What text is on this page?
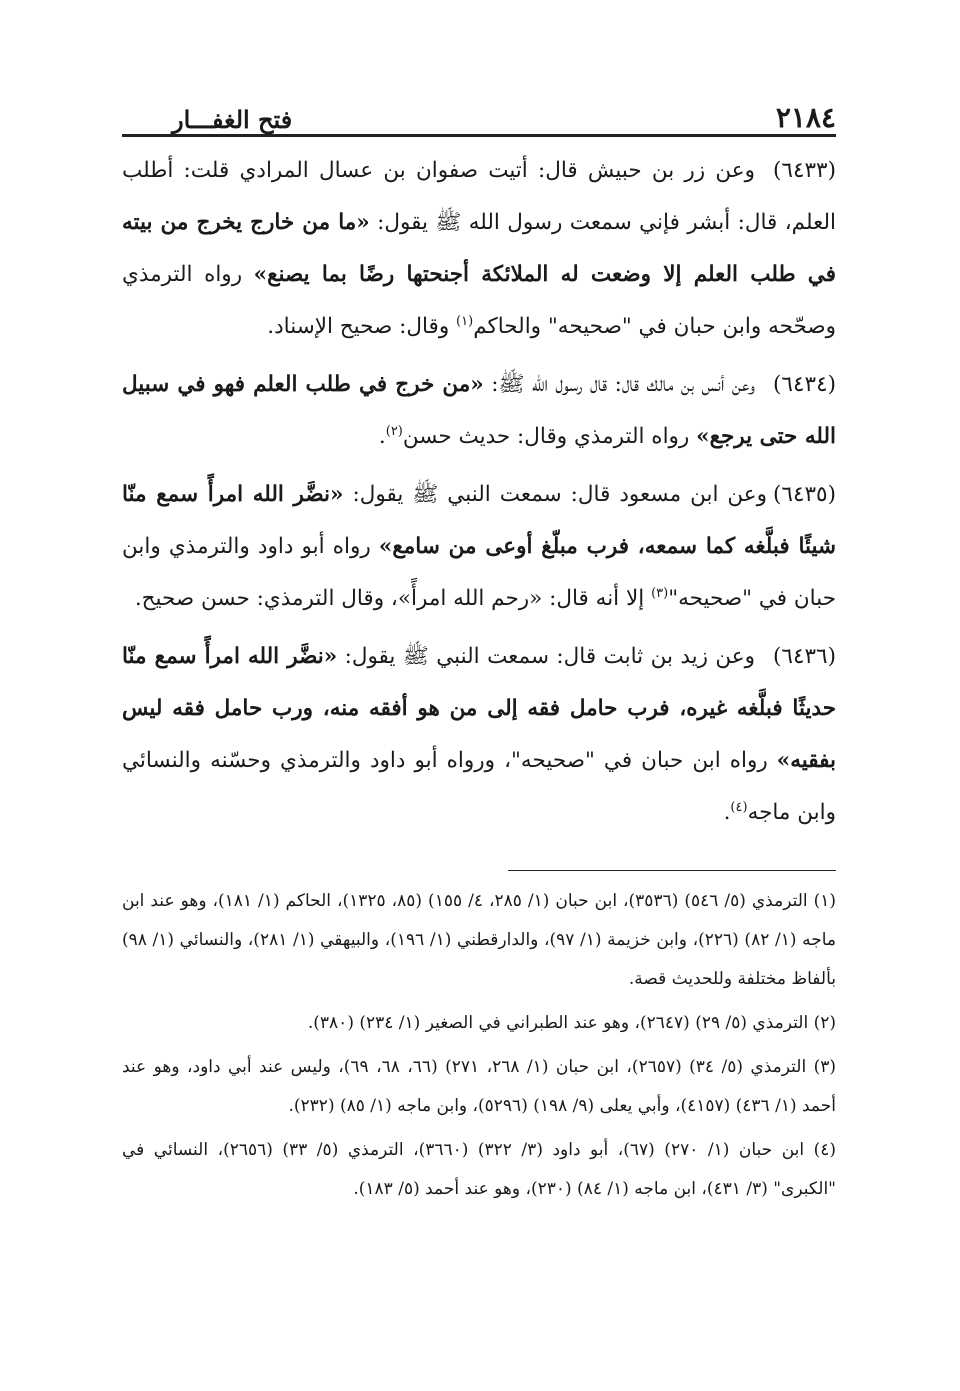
فتح الغفـــار	٢١٨٤

(٦٤٣٣)وعن زر بن حبيش قال: أتيت صفوان بن عسال المرادي قلت: أطلب العلم، قال: أبشر فإني سمعت رسول الله ﷺ يقول: «ما من خارج يخرج من بيته في طلب العلم إلا وضعت له الملائكة أجنحتها رضًا بما يصنع» رواه الترمذي وصحّحه وابن حبان في "صحيحه" والحاكم$^{(١)}$ وقال: صحيح الإسناد.

(٦٤٣٤)وعن أنس بن مالك قال: قال رسول الله ﷺ: «من خرج في طلب العلم فهو في سبيل الله حتى يرجع» رواه الترمذي وقال: حديث حسن$^{(٢)}$.

(٦٤٣٥)وعن ابن مسعود قال: سمعت النبي ﷺ يقول: «نضَّر الله امرأً سمع منّا شيئًا فبلَّغه كما سمعه، فرب مبلّغ أوعى من سامع» رواه أبو داود والترمذي وابن حبان في "صحيحه"$^{(٣)}$ إلا أنه قال: «رحم الله امرأً»، وقال الترمذي: حسن صحيح.

(٦٤٣٦)وعن زيد بن ثابت قال: سمعت النبي ﷺ يقول: «نضَّر الله امرأً سمع منّا حديثًا فبلَّغه غيره، فرب حامل فقه إلى من هو أفقه منه، ورب حامل فقه ليس بفقيه» رواه ابن حبان في "صحيحه"، ورواه أبو داود والترمذي وحسّنه والنسائي وابن ماجه$^{(٤)}$.

(١) الترمذي (٥/ ٥٤٦) (٣٥٣٦)، ابن حبان (١/ ٢٨٥، ٤/ ١٥٥) (٨٥، ١٣٢٥)، الحاكم (١/ ١٨١)، وهو عند ابن ماجه (١/ ٨٢) (٢٢٦)، وابن خزيمة (١/ ٩٧)، والدارقطني (١/ ١٩٦)، والبيهقي (١/ ٢٨١)، والنسائي (١/ ٩٨) بألفاظ مختلفة وللحديث قصة.

(٢) الترمذي (٥/ ٢٩) (٢٦٤٧)، وهو عند الطبراني في الصغير (١/ ٢٣٤) (٣٨٠).

(٣) الترمذي (٥/ ٣٤) (٢٦٥٧)، ابن حبان (١/ ٢٦٨، ٢٧١) (٦٦، ٦٨، ٦٩)، وليس عند أبي داود، وهو عند أحمد (١/ ٤٣٦) (٤١٥٧)، وأبي يعلى (٩/ ١٩٨) (٥٢٩٦)، وابن ماجه (١/ ٨٥) (٢٣٢).

(٤) ابن حبان (١/ ٢٧٠) (٦٧)، أبو داود (٣/ ٣٢٢) (٣٦٦٠)، الترمذي (٥/ ٣٣) (٢٦٥٦)، النسائي في "الكبرى" (٣/ ٤٣١)، ابن ماجه (١/ ٨٤) (٢٣٠)، وهو عند أحمد (٥/ ١٨٣).
